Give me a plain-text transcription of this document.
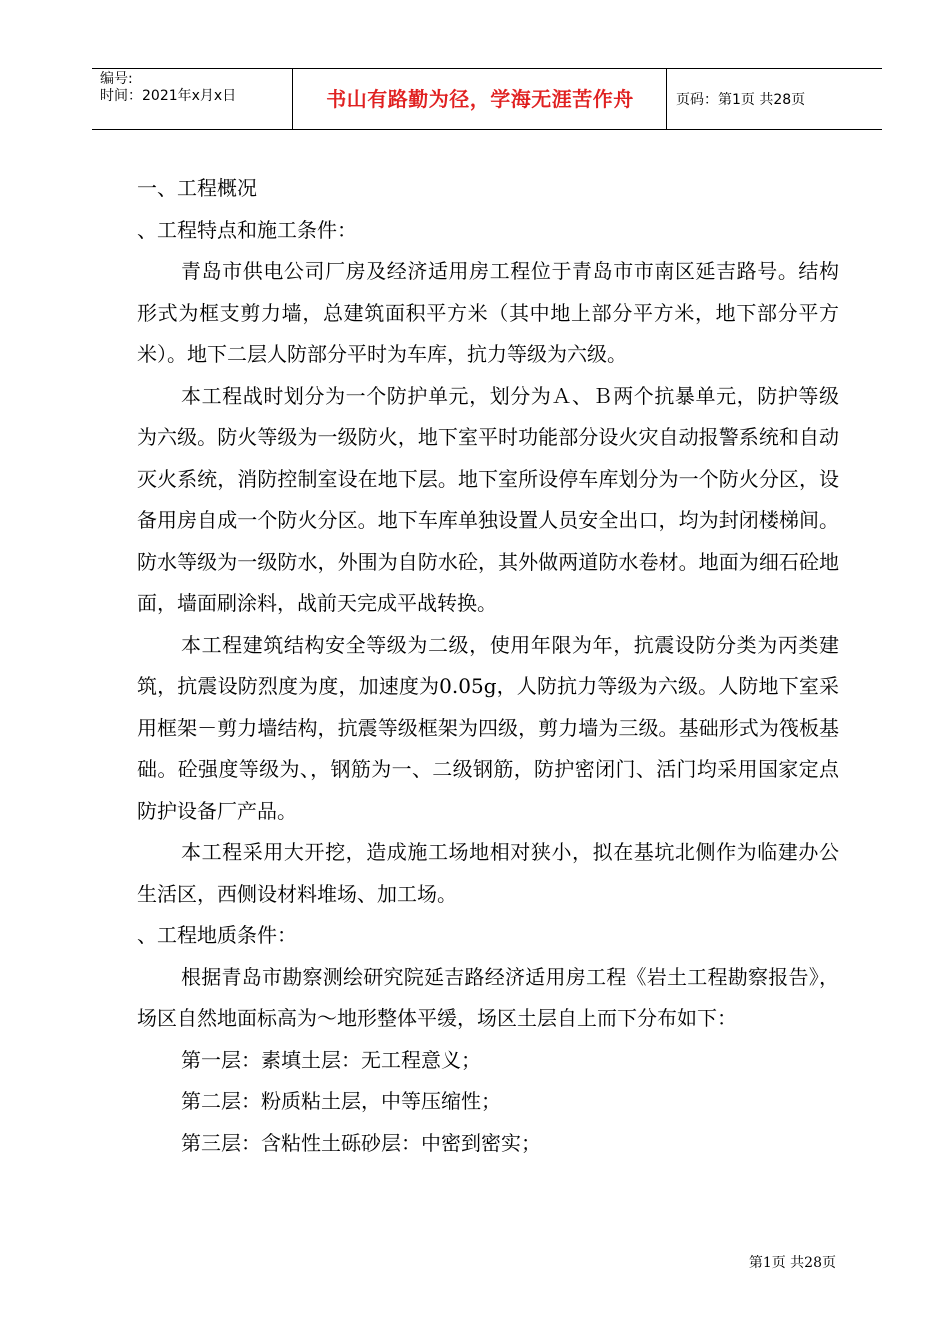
编号:
时间：2021年x月x日	书山有路勤为径，学海无涯苦作舟	页码：第1页 共28页

一、工程概况

、工程特点和施工条件：

青岛市供电公司厂房及经济适用房工程位于青岛市市南区延吉路号。结构形式为框支剪力墙，总建筑面积平方米（其中地上部分平方米，地下部分平方米）。地下二层人防部分平时为车库，抗力等级为六级。

本工程战时划分为一个防护单元，划分为Ａ、Ｂ两个抗暴单元，防护等级为六级。防火等级为一级防火，地下室平时功能部分设火灾自动报警系统和自动灭火系统，消防控制室设在地下层。地下室所设停车库划分为一个防火分区，设备用房自成一个防火分区。地下车库单独设置人员安全出口，均为封闭楼梯间。防水等级为一级防水，外围为自防水砼，其外做两道防水卷材。地面为细石砼地面，墙面刷涂料，战前天完成平战转换。

本工程建筑结构安全等级为二级，使用年限为年，抗震设防分类为丙类建筑，抗震设防烈度为度，加速度为0.05g，人防抗力等级为六级。人防地下室采用框架－剪力墙结构，抗震等级框架为四级，剪力墙为三级。基础形式为筏板基础。砼强度等级为、，钢筋为一、二级钢筋，防护密闭门、活门均采用国家定点防护设备厂产品。

本工程采用大开挖，造成施工场地相对狭小，拟在基坑北侧作为临建办公生活区，西侧设材料堆场、加工场。

、工程地质条件：

根据青岛市勘察测绘研究院延吉路经济适用房工程《岩土工程勘察报告》，场区自然地面标高为～地形整体平缓，场区土层自上而下分布如下：

第一层：素填土层：无工程意义；

第二层：粉质粘土层，中等压缩性；

第三层：含粘性土砾砂层：中密到密实；

第1页 共28页
